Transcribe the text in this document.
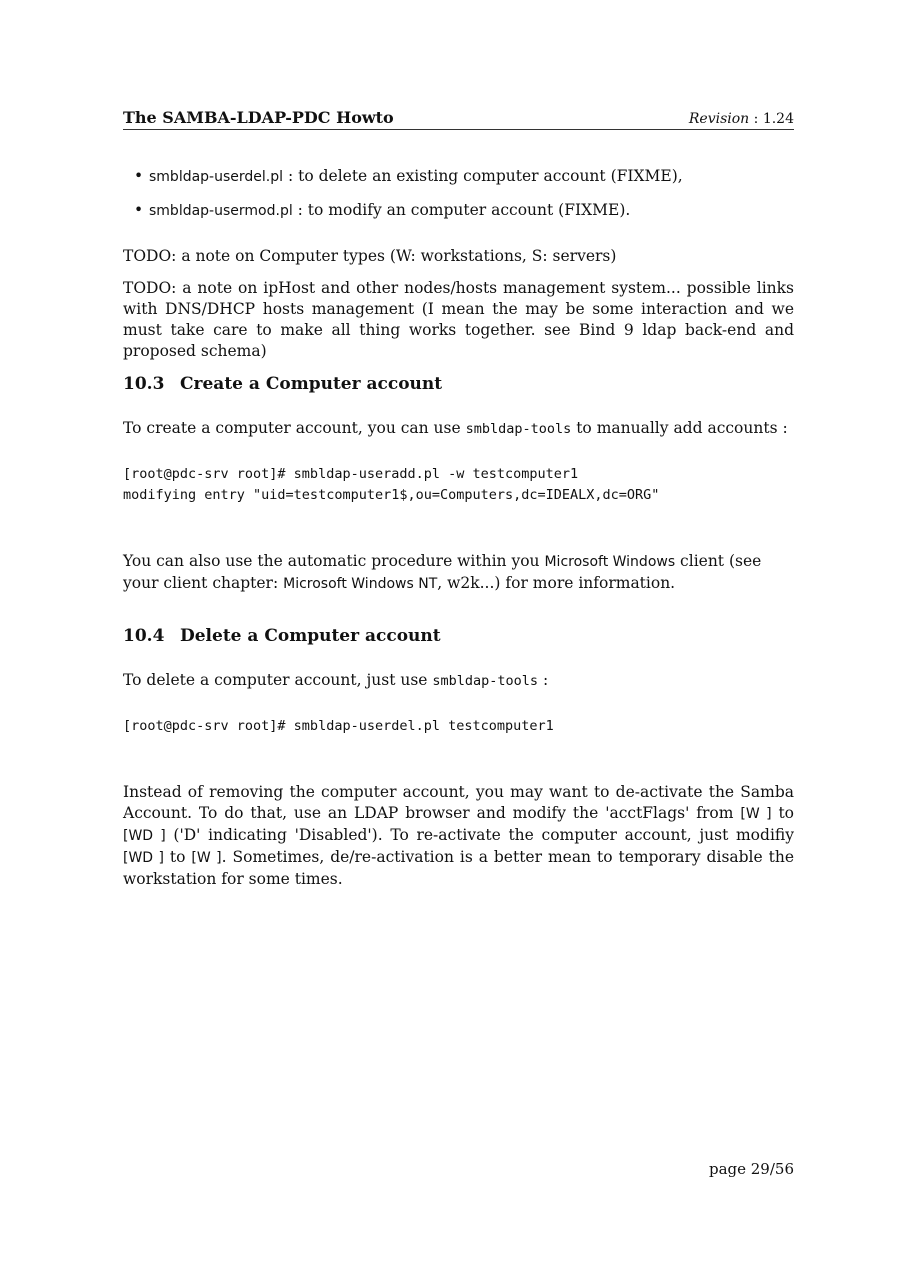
The SAMBA-LDAP-PDC Howto	Revision : 1.24
• smbldap-userdel.pl : to delete an existing computer account (FIXME),
• smbldap-usermod.pl : to modify an computer account (FIXME).

TODO: a note on Computer types (W: workstations, S: servers)

TODO: a note on ipHost and other nodes/hosts management system... possible links with DNS/DHCP hosts management (I mean the may be some interaction and we must take care to make all thing works together. see Bind 9 ldap back-end and proposed schema)

10.3 Create a Computer account

To create a computer account, you can use smbldap-tools to manually add accounts :

[root@pdc-srv root]# smbldap-useradd.pl -w testcomputer1
modifying entry "uid=testcomputer1$,ou=Computers,dc=IDEALX,dc=ORG"

You can also use the automatic procedure within you Microsoft Windows client (see your client chapter: Microsoft Windows NT, w2k...) for more information.

10.4 Delete a Computer account

To delete a computer account, just use smbldap-tools :

[root@pdc-srv root]# smbldap-userdel.pl testcomputer1

Instead of removing the computer account, you may want to de-activate the Samba Account. To do that, use an LDAP browser and modify the 'acctFlags' from [W ] to [WD ] ('D' indicating 'Disabled'). To re-activate the computer account, just modifiy [WD ] to [W ]. Sometimes, de/re-activation is a better mean to temporary disable the workstation for some times.

page 29/56
